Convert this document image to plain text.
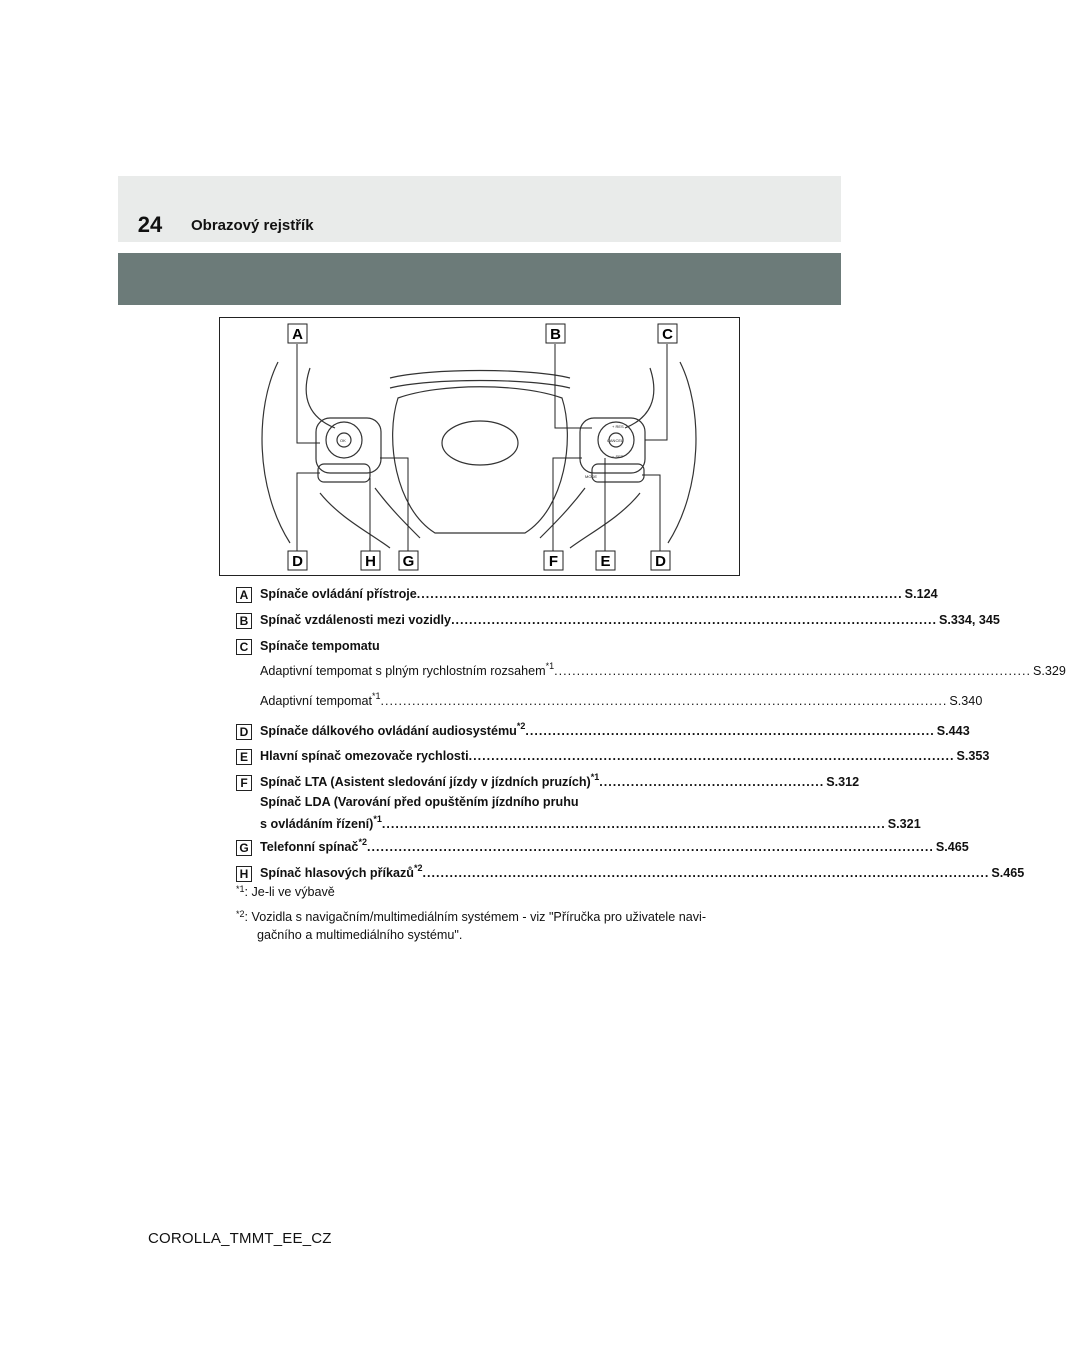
24	Obrazový rejstřík
OK
+ RES
− SET
MODE
CANCEL
A	B	C
D	H G	F	E	D
A Spínače ovládání přístroje ............................................................................................................ S.124
B Spínač vzdálenosti mezi vozidly ............................................................................................................ S.334, 345
C Spínače tempomatu
Adaptivní tempomat s plným rychlostním rozsahem$^{*1}$ .......................................................................................................... S.329
Adaptivní tempomat$^{*1}$ .............................................................................................................................. S.340
D Spínače dálkového ovládání audiosystému$^{*2}$ ........................................................................................... S.443
E Hlavní spínač omezovače rychlosti ............................................................................................................ S.353
F Spínač LTA (Asistent sledování jízdy v jízdních pruzích)$^{*1}$ .................................................. S.312
Spínač LDA (Varování před opuštěním jízdního pruhu
s ovládáním řízení)$^{*1}$ ................................................................................................................ S.321
G Telefonní spínač$^{*2}$ .............................................................................................................................. S.465
H Spínač hlasových příkazů$^{*2}$ .............................................................................................................................. S.465
$^{*1}$: Je-li ve výbavě
$^{*2}$: Vozidla s navigačním/multimediálním systémem - viz "Příručka pro uživatele navi-
gačního a multimediálního systému".
COROLLA_TMMT_EE_CZ
